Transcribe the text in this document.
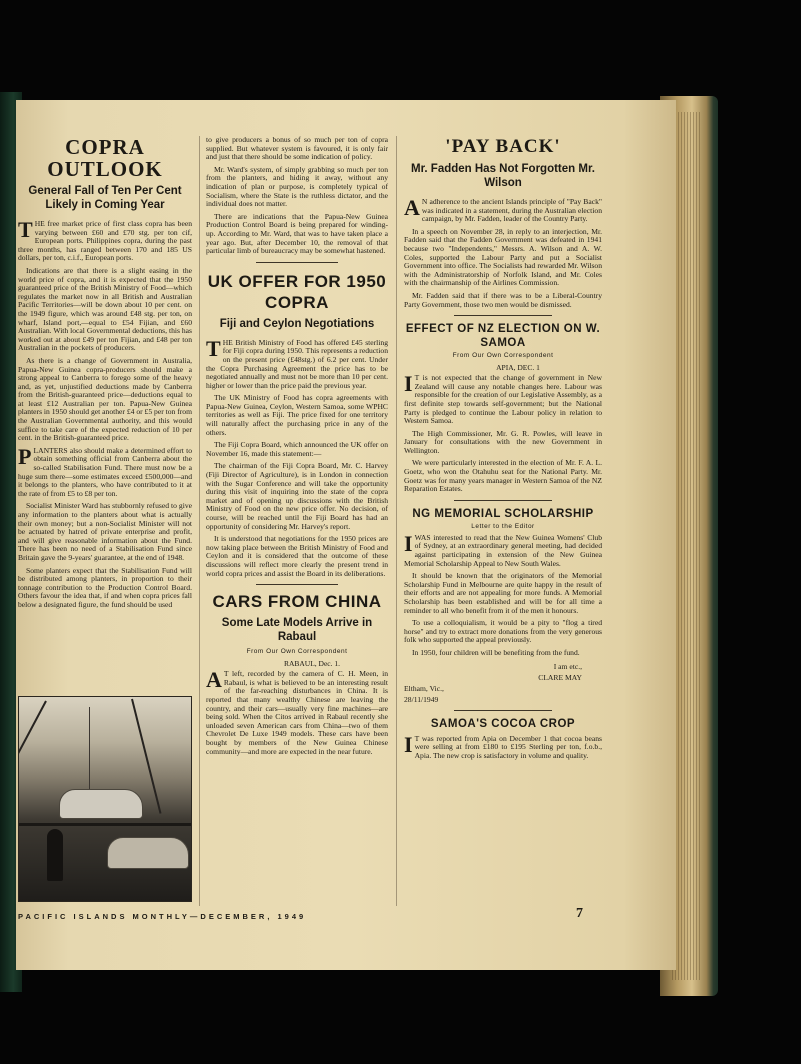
COPRA OUTLOOK
General Fall of Ten Per Cent Likely in Coming Year

THE free market price of first class copra has been varying between £60 and £70 stg. per ton cif, European ports. Philippines copra, during the past three months, has ranged between 170 and 185 US dollars, per ton, c.i.f., European ports.

Indications are that there is a slight easing in the world price of copra, and it is expected that the 1950 guaranteed price of the British Ministry of Food—which regulates the market now in all British and Australian Pacific Territories—will be down about 10 per cent. on the 1949 figure, which was around £48 stg. per ton, on wharf, Island port,—equal to £54 Fijian, and £60 Australian. With local Governmental deductions, this has worked out at about £49 per ton Fijian, and £48 per ton Australian in the pockets of producers.

As there is a change of Government in Australia, Papua-New Guinea copra-producers should make a strong appeal to Canberra to forego some of the heavy and, as yet, unjustified deductions made by Canberra from the British-guaranteed price—deductions equal to at least £12 Australian per ton. Papua-New Guinea planters in 1950 should get another £4 or £5 per ton from the Australian Governmental authority, and this would suffice to take care of the expected reduction of 10 per cent. in the British-guaranteed price.

PLANTERS also should make a determined effort to obtain something official from Canberra about the so-called Stabilisation Fund. There must now be a huge sum there—some estimates exceed £500,000—and it belongs to the planters, who have contributed to it at the rate of from £5 to £8 per ton.

Socialist Minister Ward has stubbornly refused to give any information to the planters about what is actually their own money; but a non-Socialist Minister will not be actuated by hatred of private enterprise and profit, and will give reasonable information about the Fund. There has been no need of a Stabilisation Fund since Britain gave the 9-years' guarantee, at the end of 1948.

Some planters expect that the Stabilisation Fund will be distributed among planters, in proportion to their tonnage contribution to the Production Control Board. Others favour the idea that, if and when copra prices fall below a designated figure, the fund should be used

to give producers a bonus of so much per ton of copra supplied. But whatever system is favoured, it is only fair and just that there should be some indication of policy.

Mr. Ward's system, of simply grabbing so much per ton from the planters, and hiding it away, without any indication of plan or purpose, is completely typical of Socialism, where the State is the ruthless dictator, and the individual does not matter.

There are indications that the Papua-New Guinea Production Control Board is being prepared for winding-up. According to Mr. Ward, that was to have taken place a year ago. But, after December 10, the removal of that particular limb of bureaucracy may be somewhat hastened.

UK OFFER FOR 1950 COPRA
Fiji and Ceylon Negotiations

THE British Ministry of Food has offered £45 sterling for Fiji copra during 1950. This represents a reduction on the present price (£48stg.) of 6.2 per cent. Under the Copra Purchasing Agreement the price has to be negotiated annually and must not be more than 10 per cent. higher or lower than the price paid the previous year.

The UK Ministry of Food has copra agreements with Papua-New Guinea, Ceylon, Western Samoa, some WPHC territories as well as Fiji. The price fixed for one territory will naturally affect the purchasing price in any of the others.

The Fiji Copra Board, which announced the UK offer on November 16, made this statement:—

The chairman of the Fiji Copra Board, Mr. C. Harvey (Fiji Director of Agriculture), is in London in connection with the Sugar Conference and will take the opportunity during this visit of inquiring into the state of the copra market and of opening up discussions with the British Ministry of Food on the new price offer. No decision, of course, will be reached until the Fiji Board has had an opportunity of considering Mr. Harvey's report.

It is understood that negotiations for the 1950 prices are now taking place between the British Ministry of Food and Ceylon and it is considered that the outcome of these discussions will reflect more clearly the present trend in world copra prices and assist the Board in its deliberations.

CARS FROM CHINA
Some Late Models Arrive in Rabaul
From Our Own Correspondent
RABAUL, Dec. 1.

AT left, recorded by the camera of C. H. Meen, in Rabaul, is what is believed to be an interesting result of the far-reaching disturbances in China. It is reported that many wealthy Chinese are leaving the country, and their cars—usually very fine machines—are being sold. When the Citos arrived in Rabaul recently she unloaded seven American cars from China—two of them Chevrolet De Luxe 1949 models. These cars have been bought by members of the New Guinea Chinese community—and more are expected in the near future.

'PAY BACK'
Mr. Fadden Has Not Forgotten Mr. Wilson

AN adherence to the ancient Islands principle of "Pay Back" was indicated in a statement, during the Australian election campaign, by Mr. Fadden, leader of the Country Party.

In a speech on November 28, in reply to an interjection, Mr. Fadden said that the Fadden Government was defeated in 1941 because two "Independents," Messrs. A. Wilson and A. W. Coles, supported the Labour Party and put a Socialist Government into office. The Socialists had rewarded Mr. Wilson with the Administratorship of Norfolk Island, and Mr. Coles with the chairmanship of the Airlines Commission.

Mr. Fadden said that if there was to be a Liberal-Country Party Government, those two men would be dismissed.

EFFECT OF NZ ELECTION ON W. SAMOA
From Our Own Correspondent
APIA, DEC. 1

IT is not expected that the change of government in New Zealand will cause any notable changes here. Labour was responsible for the creation of our Legislative Assembly, as a first definite step towards self-government; but the National Party is pledged to continue the Labour policy in relation to Western Samoa.

The High Commissioner, Mr. G. R. Powles, will leave in January for consultations with the new Government in Wellington.

We were particularly interested in the election of Mr. F. A. L. Goetz, who won the Otahuhu seat for the National Party. Mr. Goetz was for many years manager in Western Samoa of the NZ Reparation Estates.

NG MEMORIAL SCHOLARSHIP
Letter to the Editor

IWAS interested to read that the New Guinea Womens' Club of Sydney, at an extraordinary general meeting, had decided against participating in extension of the New Guinea Memorial Scholarship Appeal to New South Wales.

It should be known that the originators of the Memorial Scholarship Fund in Melbourne are quite happy in the result of their efforts and are not appealing for more funds. A Memorial Scholarship has been established and will be for all time a reminder to all who benefit from it of the men it honours.

To use a colloquialism, it would be a pity to "flog a tired horse" and try to extract more donations from the very generous folk who supported the appeal previously.

In 1950, four children will be benefiting from the fund.

I am etc.,
CLARE MAY
Eltham, Vic.,
28/11/1949
SAMOA'S COCOA CROP

IT was reported from Apia on December 1 that cocoa beans were selling at from £180 to £195 Sterling per ton, f.o.b., Apia. The new crop is satisfactory in volume and quality.

PACIFIC ISLANDS MONTHLY—DECEMBER, 1949	7
